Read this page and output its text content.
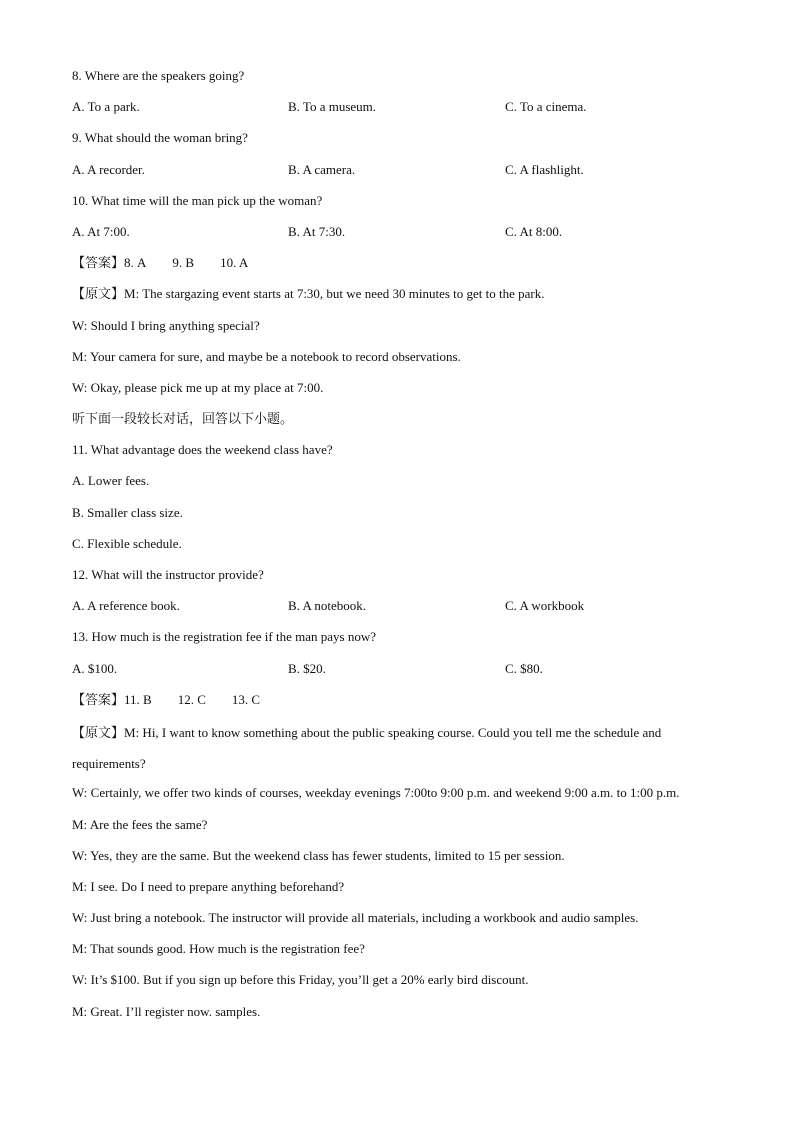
8. Where are the speakers going?
A. To a park.	B. To a museum.	C. To a cinema.
9. What should the woman bring?
A. A recorder.	B. A camera.	C. A flashlight.
10. What time will the man pick up the woman?
A. At 7:00.	B. At 7:30.	C. At 8:00.
【答案】8. A 9. B 10. A
【原文】M: The stargazing event starts at 7:30, but we need 30 minutes to get to the park.
W: Should I bring anything special?
M: Your camera for sure, and maybe be a notebook to record observations.
W: Okay, please pick me up at my place at 7:00.
听下面一段较长对话，回答以下小题。
11. What advantage does the weekend class have?
A. Lower fees.
B. Smaller class size.
C. Flexible schedule.
12. What will the instructor provide?
A. A reference book.	B. A notebook.	C. A workbook
13. How much is the registration fee if the man pays now?
A. $100.	B. $20.	C. $80.
【答案】11. B 12. C 13. C
【原文】M: Hi, I want to know something about the public speaking course. Could you tell me the schedule and requirements?
W: Certainly, we offer two kinds of courses, weekday evenings 7:00to 9:00 p.m. and weekend 9:00 a.m. to 1:00 p.m.
M: Are the fees the same?
W: Yes, they are the same. But the weekend class has fewer students, limited to 15 per session.
M: I see. Do I need to prepare anything beforehand?
W: Just bring a notebook. The instructor will provide all materials, including a workbook and audio samples.
M: That sounds good. How much is the registration fee?
W: It’s $100. But if you sign up before this Friday, you’ll get a 20% early bird discount.
M: Great. I’ll register now. samples.
